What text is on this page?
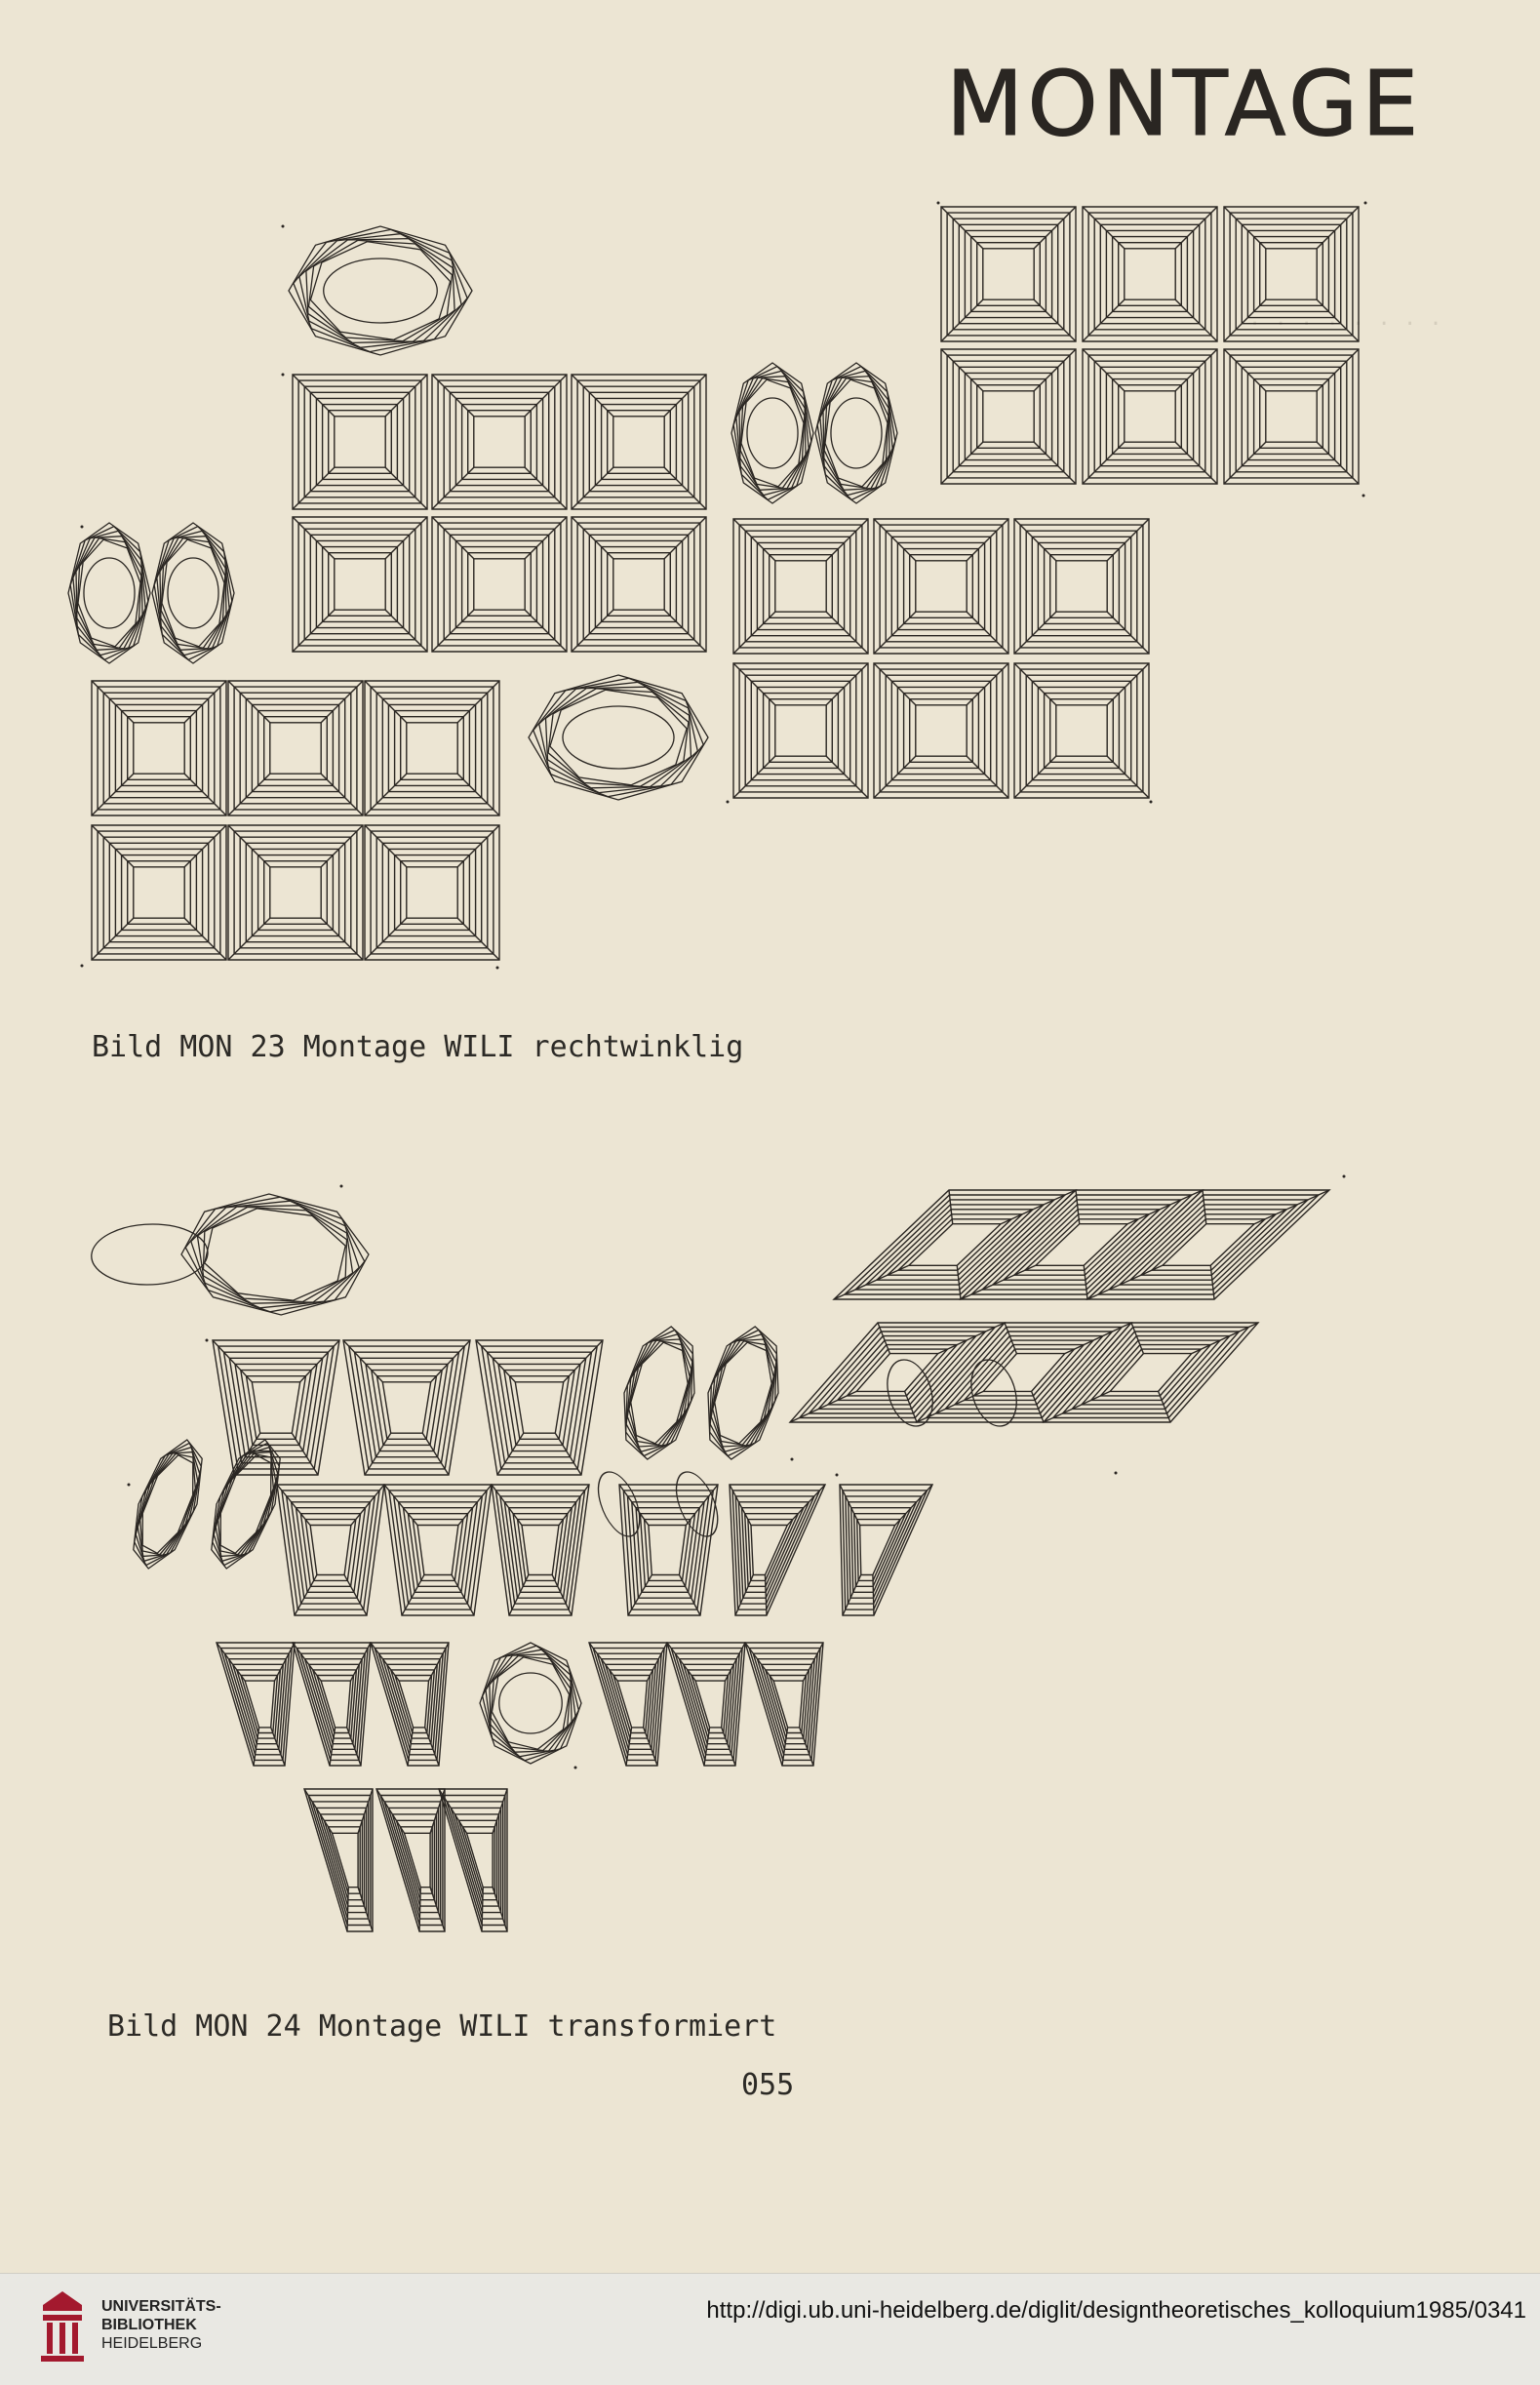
· · · · · · · ·
MONTAGE
Bild MON 23 Montage WILI rechtwinklig
Bild MON 24 Montage WILI transformiert
055
UNIVERSITÄTS-
BIBLIOTHEK
HEIDELBERG
http://digi.ub.uni-heidelberg.de/diglit/designtheoretisches_kolloquium1985/0341
